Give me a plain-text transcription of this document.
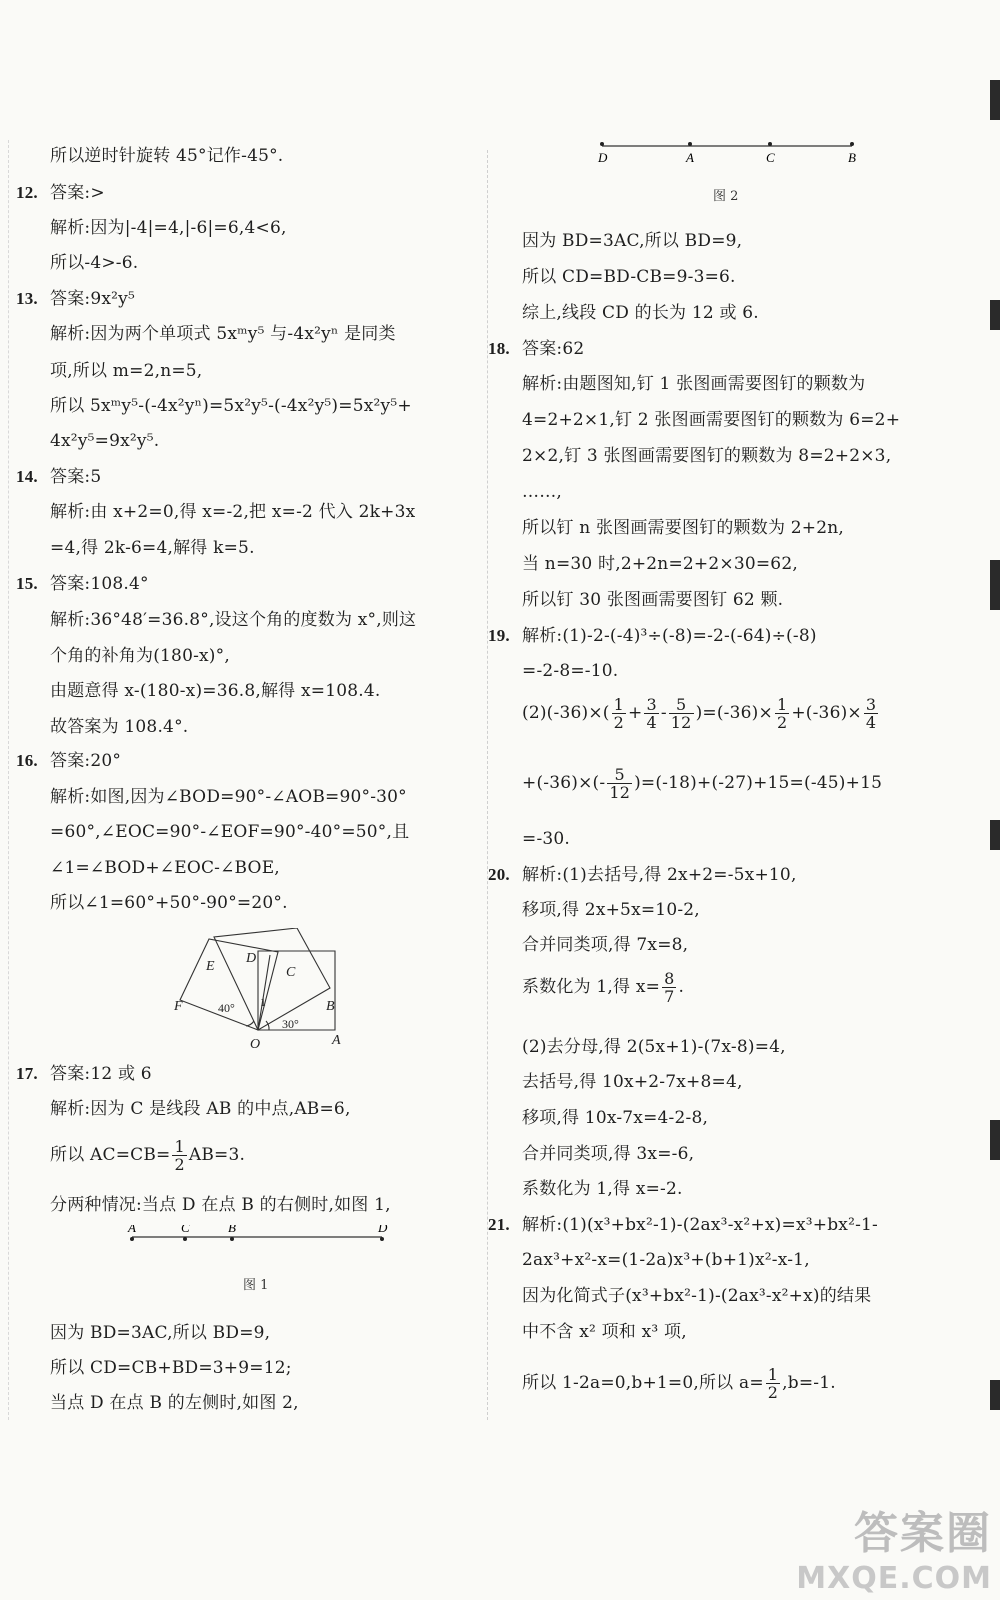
所以 $AC=CB= \frac{1}{2} AB=3$.
A	C	B	D
图 1
E
D
C
F	B
O	A
40° 1
30°
D	A	C	B
图 2
$(2)(-36)\times( \frac{1}{2} + \frac{3}{4} - \frac{5}{12} )=(-36)\times \frac{1}{2} +(-36)\times \frac{3}{4}$
$+(-36)\times(- \frac{5}{12} )=(-18)+(-27)+15=(-45)+15$
系数化为 1,得 $x= \frac{8}{7}$ .
所以 1-2a=0,b+1=0,所以 $a= \frac{1}{2} ,b=-1$.
答案圈
MXQE.COM
所以逆时针旋转 45°记作-45°.
12. 答案:>
解析:因为|-4|=4,|-6|=6,4<6,
所以-4>-6.
13. 答案:9x²y⁵
解析:因为两个单项式 5xᵐy⁵ 与-4x²yⁿ 是同类
项,所以 m=2,n=5,
所以 5xᵐy⁵-(-4x²yⁿ)=5x²y⁵-(-4x²y⁵)=5x²y⁵+
4x²y⁵=9x²y⁵.
14. 答案:5
解析:由 x+2=0,得 x=-2,把 x=-2 代入 2k+3x
=4,得 2k-6=4,解得 k=5.
15. 答案:108.4°
解析:36°48′=36.8°,设这个角的度数为 x°,则这
个角的补角为(180-x)°,
由题意得 x-(180-x)=36.8,解得 x=108.4.
故答案为 108.4°.
16. 答案:20°
解析:如图,因为∠BOD=90°-∠AOB=90°-30°
=60°,∠EOC=90°-∠EOF=90°-40°=50°,且
∠1=∠BOD+∠EOC-∠BOE,
所以∠1=60°+50°-90°=20°.
17. 答案:12 或 6
解析:因为 C 是线段 AB 的中点,AB=6,
分两种情况:当点 D 在点 B 的右侧时,如图 1,
因为 BD=3AC,所以 BD=9,
所以 CD=CB+BD=3+9=12;
当点 D 在点 B 的左侧时,如图 2,
因为 BD=3AC,所以 BD=9,
所以 CD=BD-CB=9-3=6.
综上,线段 CD 的长为 12 或 6.
18. 答案:62
解析:由题图知,钉 1 张图画需要图钉的颗数为
4=2+2×1,钉 2 张图画需要图钉的颗数为 6=2+
2×2,钉 3 张图画需要图钉的颗数为 8=2+2×3,
……,
所以钉 n 张图画需要图钉的颗数为 2+2n,
当 n=30 时,2+2n=2+2×30=62,
所以钉 30 张图画需要图钉 62 颗.
19. 解析:(1)-2-(-4)³÷(-8)=-2-(-64)÷(-8)
=-2-8=-10.
=-30.
20. 解析:(1)去括号,得 2x+2=-5x+10,
移项,得 2x+5x=10-2,
合并同类项,得 7x=8,
(2)去分母,得 2(5x+1)-(7x-8)=4,
去括号,得 10x+2-7x+8=4,
移项,得 10x-7x=4-2-8,
合并同类项,得 3x=-6,
系数化为 1,得 x=-2.
21. 解析:(1)(x³+bx²-1)-(2ax³-x²+x)=x³+bx²-1-
2ax³+x²-x=(1-2a)x³+(b+1)x²-x-1,
因为化简式子(x³+bx²-1)-(2ax³-x²+x)的结果
中不含 x² 项和 x³ 项,
